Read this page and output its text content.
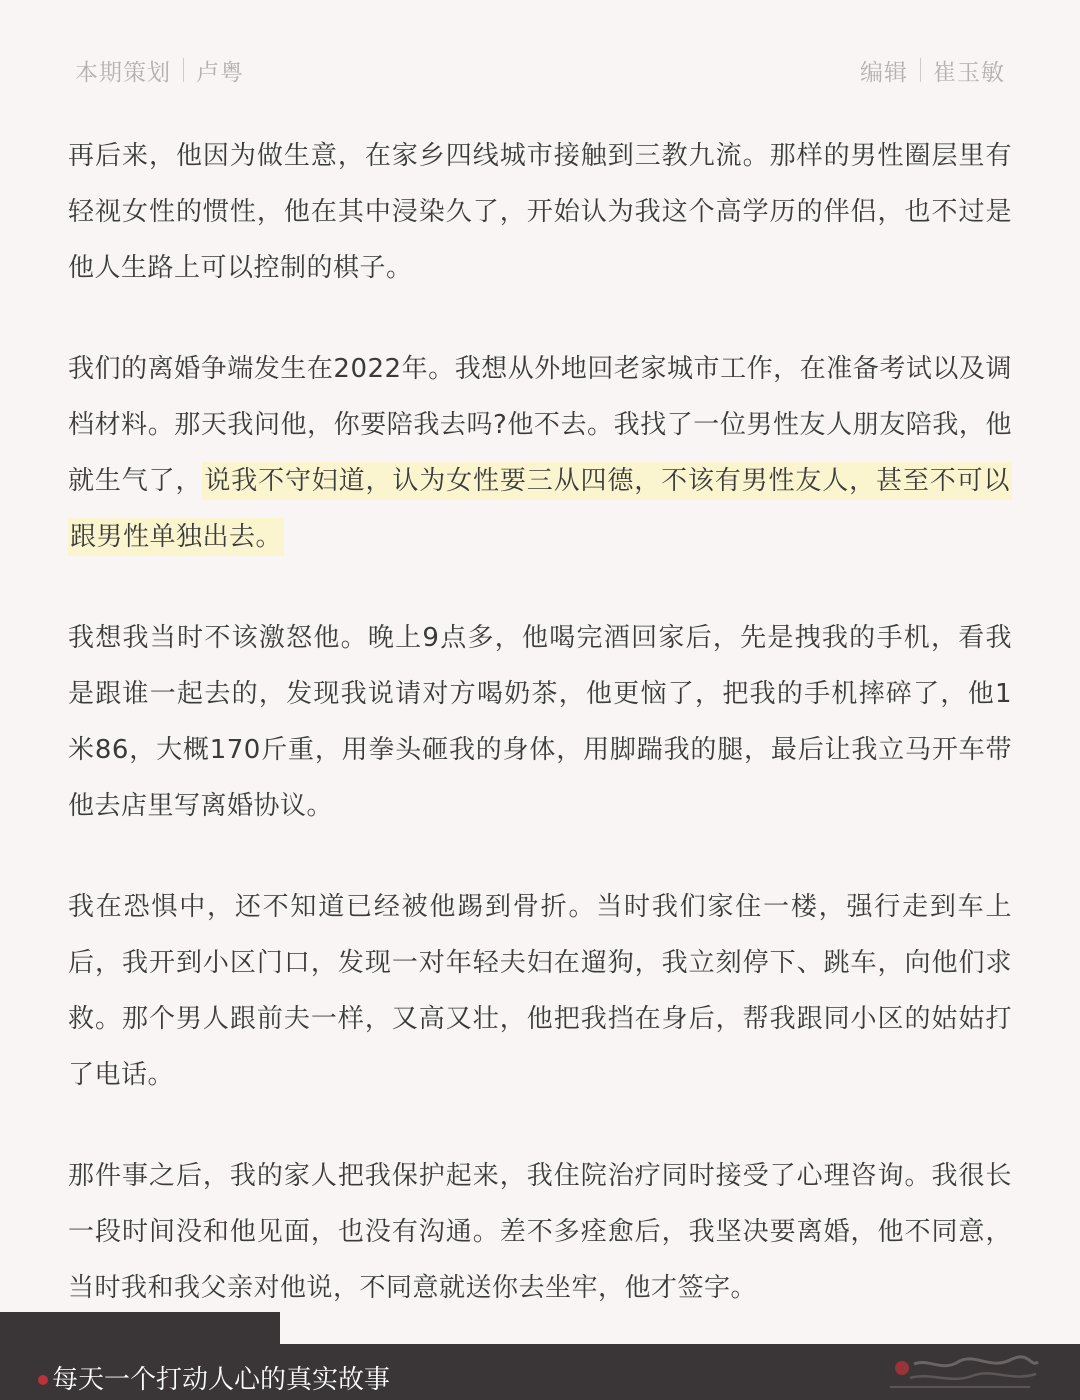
本期策划 卢粤	编辑 崔玉敏

再后来，他因为做生意，在家乡四线城市接触到三教九流。那样的男性圈层里有轻视女性的惯性，他在其中浸染久了，开始认为我这个高学历的伴侣，也不过是他人生路上可以控制的棋子。

我们的离婚争端发生在2022年。我想从外地回老家城市工作，在准备考试以及调档材料。那天我问他，你要陪我去吗?他不去。我找了一位男性友人朋友陪我，他就生气了，说我不守妇道，认为女性要三从四德，不该有男性友人，甚至不可以跟男性单独出去。

我想我当时不该激怒他。晚上9点多，他喝完酒回家后，先是拽我的手机，看我是跟谁一起去的，发现我说请对方喝奶茶，他更恼了，把我的手机摔碎了，他1米86，大概170斤重，用拳头砸我的身体，用脚踹我的腿，最后让我立马开车带他去店里写离婚协议。

我在恐惧中，还不知道已经被他踢到骨折。当时我们家住一楼，强行走到车上后，我开到小区门口，发现一对年轻夫妇在遛狗，我立刻停下、跳车，向他们求救。那个男人跟前夫一样，又高又壮，他把我挡在身后，帮我跟同小区的姑姑打了电话。

那件事之后，我的家人把我保护起来，我住院治疗同时接受了心理咨询。我很长一段时间没和他见面，也没有沟通。差不多痊愈后，我坚决要离婚，他不同意，当时我和我父亲对他说，不同意就送你去坐牢，他才签字。

每天一个打动人心的真实故事
